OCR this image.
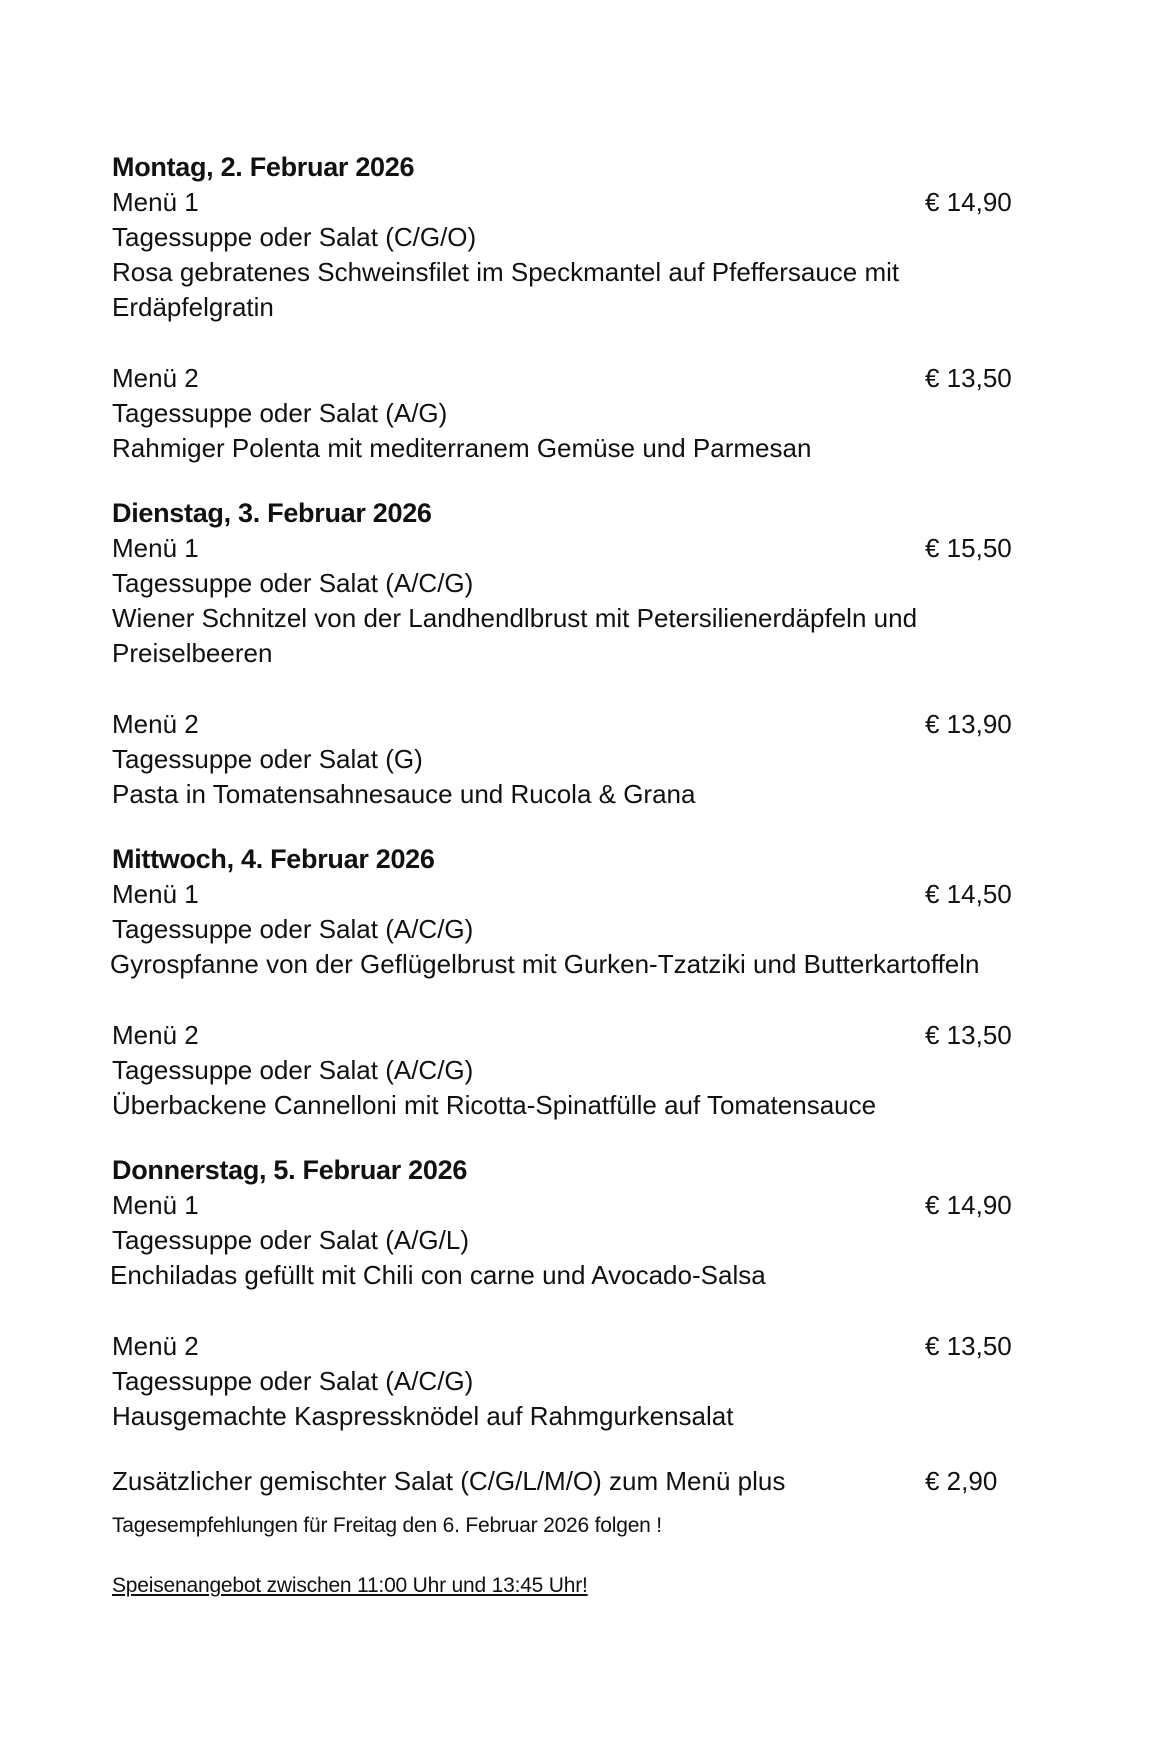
Montag, 2. Februar 2026
Menü 1	€ 14,90
Tagessuppe oder Salat (C/G/O)
Rosa gebratenes Schweinsfilet im Speckmantel auf Pfeffersauce mit
Erdäpfelgratin
Menü 2	€ 13,50
Tagessuppe oder Salat (A/G)
Rahmiger Polenta mit mediterranem Gemüse und Parmesan
Dienstag, 3. Februar 2026
Menü 1	€ 15,50
Tagessuppe oder Salat (A/C/G)
Wiener Schnitzel von der Landhendlbrust mit Petersilienerdäpfeln und
Preiselbeeren
Menü 2	€ 13,90
Tagessuppe oder Salat (G)
Pasta in Tomatensahnesauce und Rucola & Grana
Mittwoch, 4. Februar 2026
Menü 1	€ 14,50
Tagessuppe oder Salat (A/C/G)
Gyrospfanne von der Geflügelbrust mit Gurken-Tzatziki und Butterkartoffeln
Menü 2	€ 13,50
Tagessuppe oder Salat (A/C/G)
Überbackene Cannelloni mit Ricotta-Spinatfülle auf Tomatensauce
Donnerstag, 5. Februar 2026
Menü 1	€ 14,90
Tagessuppe oder Salat (A/G/L)
Enchiladas gefüllt mit Chili con carne und Avocado-Salsa
Menü 2	€ 13,50
Tagessuppe oder Salat (A/C/G)
Hausgemachte Kaspressknödel auf Rahmgurkensalat
Zusätzlicher gemischter Salat (C/G/L/M/O) zum Menü plus	€ 2,90
Tagesempfehlungen für Freitag den 6. Februar 2026 folgen !
Speisenangebot zwischen 11:00 Uhr und 13:45 Uhr!
